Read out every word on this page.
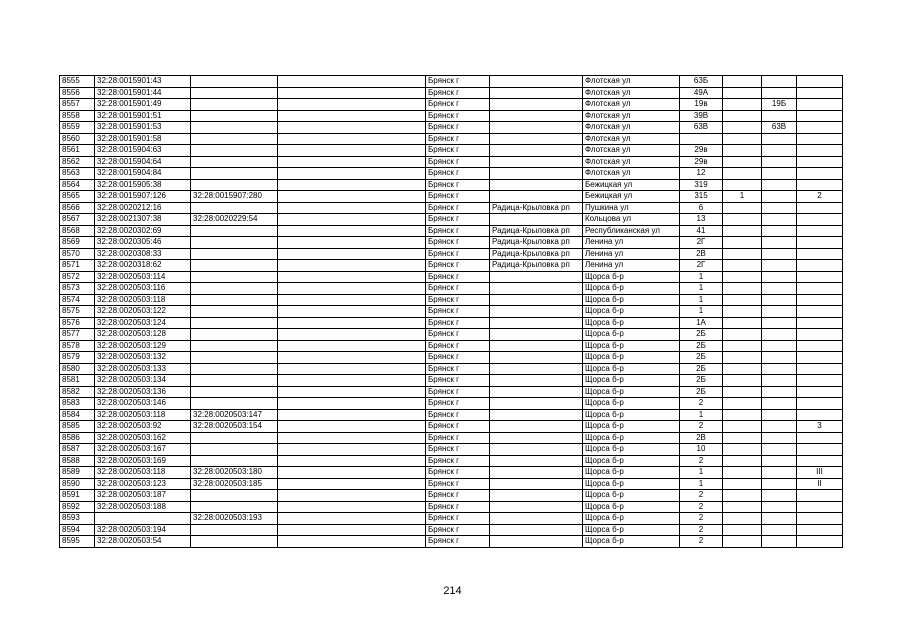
8555	32:28:0015901:43			Брянск г		Флотская ул	63Б			
8556	32:28:0015901:44			Брянск г		Флотская ул	49А			
8557	32:28:0015901:49			Брянск г		Флотская ул	19в		19Б	
8558	32:28:0015901:51			Брянск г		Флотская ул	39В			
8559	32:28:0015901:53			Брянск г		Флотская ул	63В		63В	
8560	32:28:0015901:58			Брянск г		Флотская ул				
8561	32:28:0015904:63			Брянск г		Флотская ул	29в			
8562	32:28:0015904:64			Брянск г		Флотская ул	29в			
8563	32:28:0015904:84			Брянск г		Флотская ул	12			
8564	32:28:0015905:38			Брянск г		Бежицкая ул	319			
8565	32:28:0015907:126	32:28:0015907:280		Брянск г		Бежицкая ул	315	1		2
8566	32:28:0020212:16			Брянск г	Радица-Крыловка рп	Пушкина ул	6			
8567	32:28:0021307:38	32:28:0020229:54		Брянск г		Кольцова ул	13			
8568	32:28:0020302:69			Брянск г	Радица-Крыловка рп	Республиканская ул	41			
8569	32:28:0020305:46			Брянск г	Радица-Крыловка рп	Ленина ул	2Г			
8570	32:28:0020308:33			Брянск г	Радица-Крыловка рп	Ленина ул	2В			
8571	32:28:0020318:62			Брянск г	Радица-Крыловка рп	Ленина ул	2Г			
8572	32:28:0020503:114			Брянск г		Щорса б-р	1			
8573	32:28:0020503:116			Брянск г		Щорса б-р	1			
8574	32:28:0020503:118			Брянск г		Щорса б-р	1			
8575	32:28:0020503:122			Брянск г		Щорса б-р	1			
8576	32:28:0020503:124			Брянск г		Щорса б-р	1А			
8577	32:28:0020503:128			Брянск г		Щорса б-р	2Б			
8578	32:28:0020503:129			Брянск г		Щорса б-р	2Б			
8579	32:28:0020503:132			Брянск г		Щорса б-р	2Б			
8580	32:28:0020503:133			Брянск г		Щорса б-р	2Б			
8581	32:28:0020503:134			Брянск г		Щорса б-р	2Б			
8582	32:28:0020503:136			Брянск г		Щорса б-р	2Б			
8583	32:28:0020503:146			Брянск г		Щорса б-р	2			
8584	32:28:0020503:118	32:28:0020503:147		Брянск г		Щорса б-р	1			
8585	32:28:0020503:92	32:28:0020503:154		Брянск г		Щорса б-р	2			3
8586	32:28:0020503:162			Брянск г		Щорса б-р	2В			
8587	32:28:0020503:167			Брянск г		Щорса б-р	10			
8588	32:28:0020503:169			Брянск г		Щорса б-р	2			
8589	32:28:0020503:118	32:28:0020503:180		Брянск г		Щорса б-р	1			III
8590	32:28:0020503:123	32:28:0020503:185		Брянск г		Щорса б-р	1			II
8591	32:28:0020503:187			Брянск г		Щорса б-р	2			
8592	32:28:0020503:188			Брянск г		Щорса б-р	2			
8593		32:28:0020503:193		Брянск г		Щорса б-р	2			
8594	32:28:0020503:194			Брянск г		Щорса б-р	2			
8595	32:28:0020503:54			Брянск г		Щорса б-р	2			
214
